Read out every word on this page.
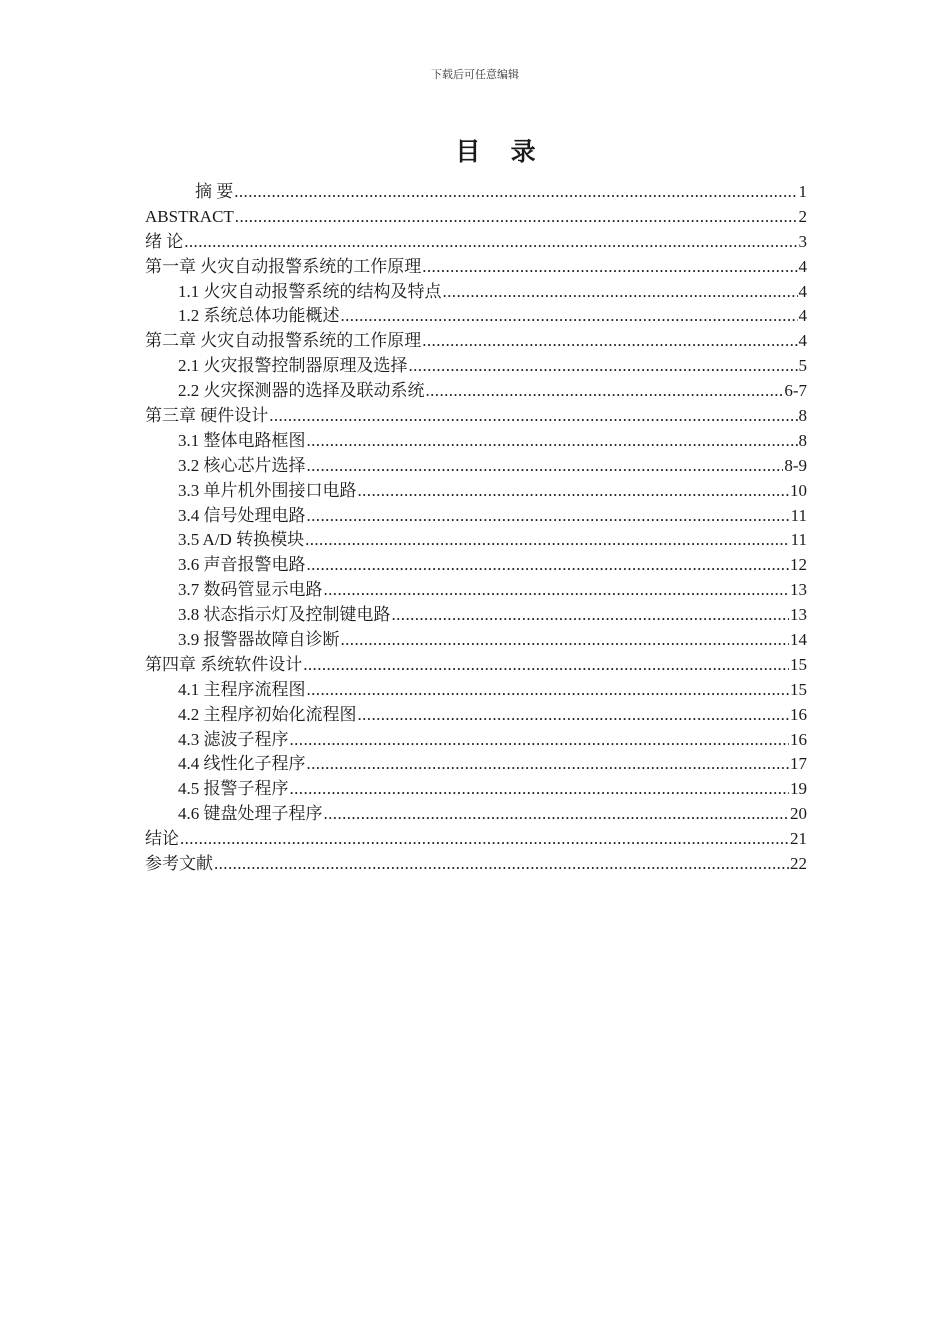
下载后可任意编辑
目 录
摘 要 .....	1
ABSTRACT .....	2
绪 论 .....	3
第一章 火灾自动报警系统的工作原理 .....	4
1.1 火灾自动报警系统的结构及特点 .....	4
1.2 系统总体功能概述 .....	4
第二章 火灾自动报警系统的工作原理 .....	4
2.1 火灾报警控制器原理及选择 .....	5
2.2 火灾探测器的选择及联动系统 .....	6-7
第三章 硬件设计 .....	8
3.1 整体电路框图 .....	8
3.2 核心芯片选择 .....	8-9
3.3 单片机外围接口电路 .....	10
3.4 信号处理电路 .....	11
3.5 A/D 转换模块 .....	11
3.6 声音报警电路 .....	12
3.7 数码管显示电路 .....	13
3.8 状态指示灯及控制键电路 .....	13
3.9 报警器故障自诊断 .....	14
第四章 系统软件设计 .....	15
4.1 主程序流程图 .....	15
4.2 主程序初始化流程图 .....	16
4.3 滤波子程序 .....	16
4.4 线性化子程序 .....	17
4.5 报警子程序 .....	19
4.6 键盘处理子程序 .....	20
结论 .....	21
参考文献 .....	22
